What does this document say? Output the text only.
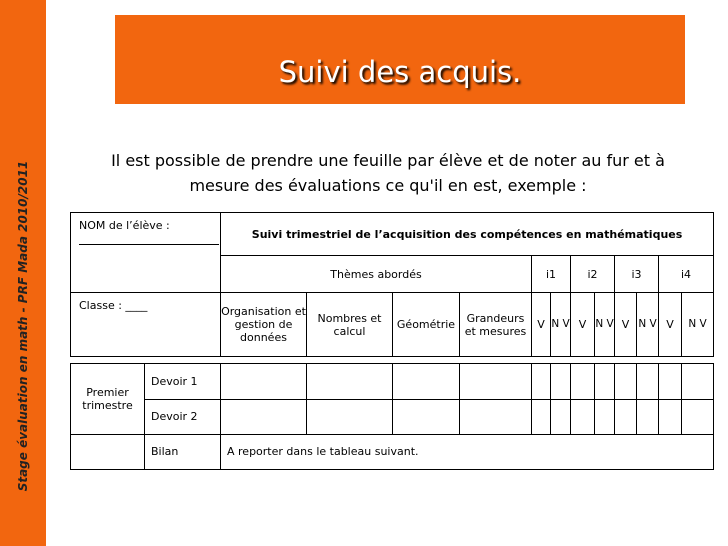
Stage évaluation en math - PRF Mada 2010/2011
Suivi des acquis.

Il est possible de prendre une feuille par élève et de noter au fur et à mesure des évaluations ce qu'il en est, exemple :

NOM de l’élève :		Suivi trimestriel de l’acquisition des compétences en mathématiques											
		Thèmes abordés				i1		i2		i3		i4	
Classe : ____		Organisation et gestion de données	Nombres et calcul	Géométrie	Grandeurs et mesures	V	N V	V	N V	V	N V	V	N V

Premier trimestre	Devoir 1												
	Devoir 2												
	Bilan	A reporter dans le tableau suivant.											
